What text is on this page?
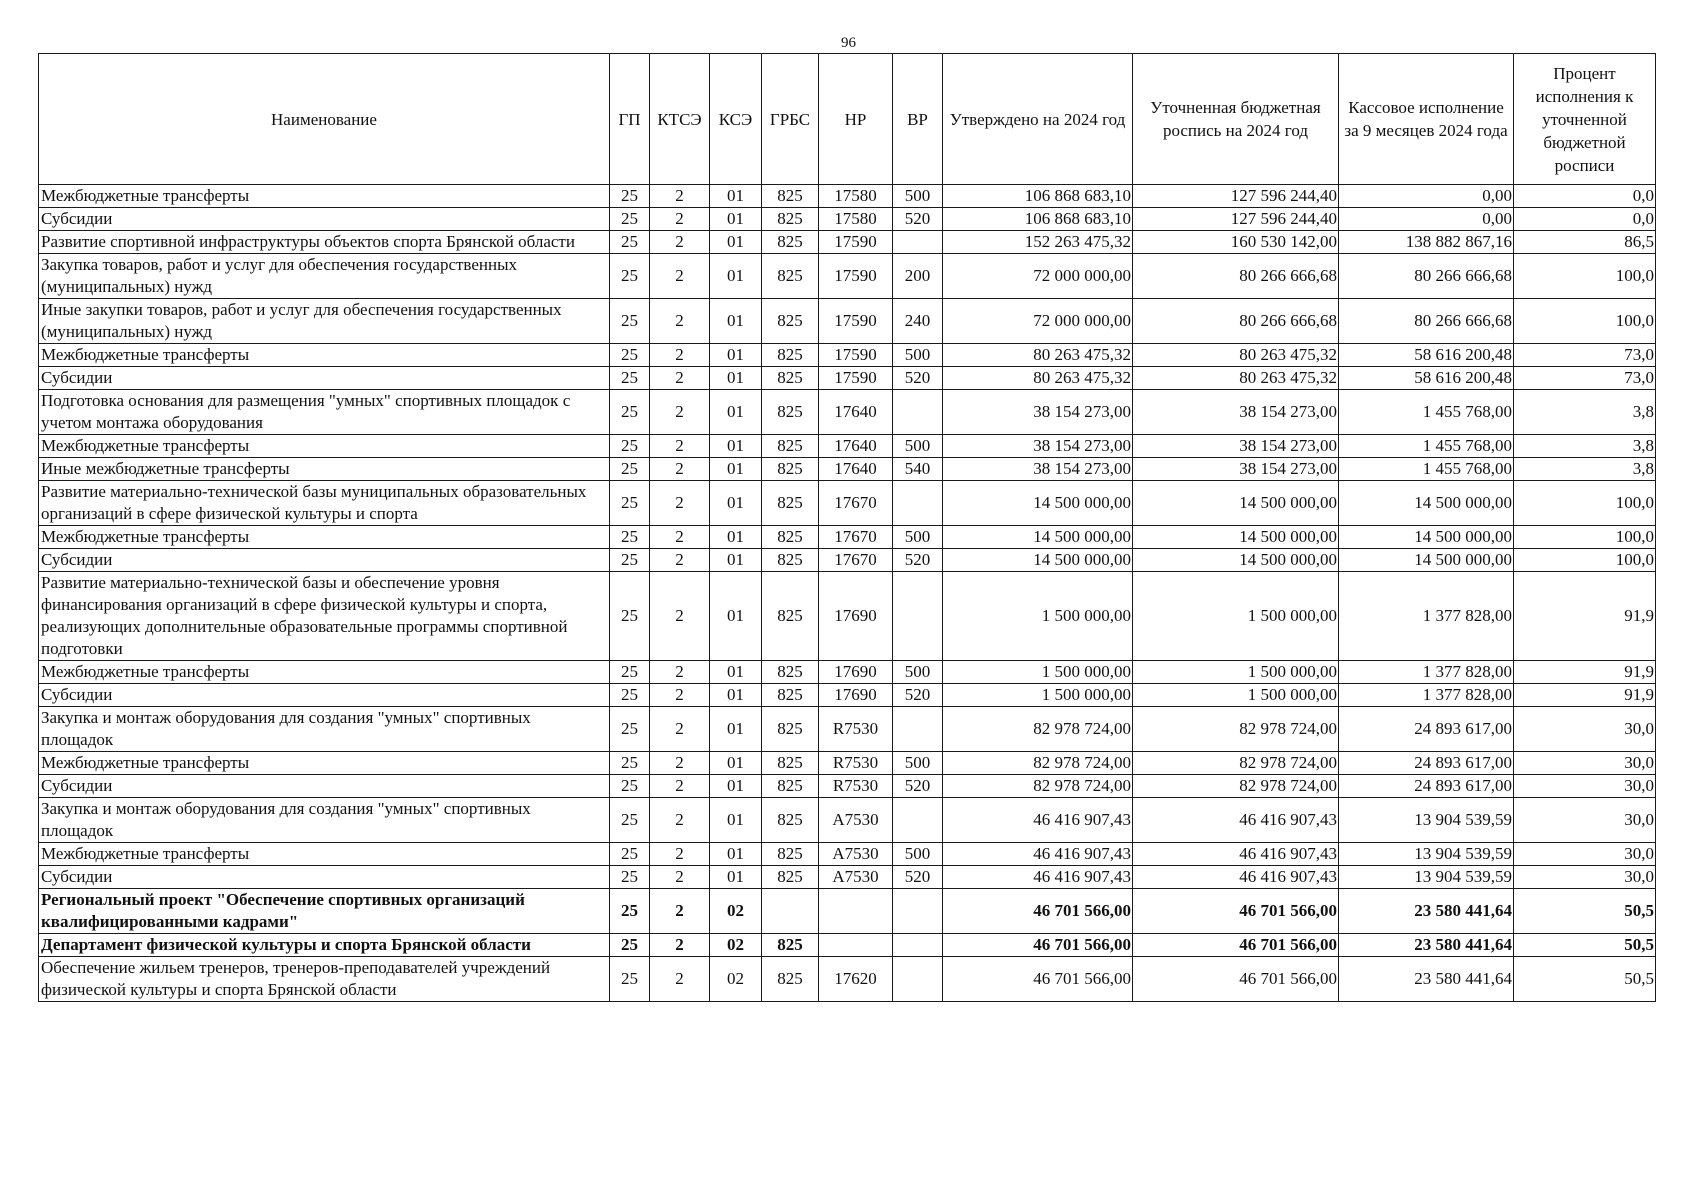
96
Наименование	ГП	КТСЭ	КСЭ	ГРБС	НР	ВР	Утверждено на 2024 год	Уточненная бюджетная роспись на 2024 год	Кассовое исполнение за 9 месяцев 2024 года	Процент исполнения к уточненной бюджетной росписи
Межбюджетные трансферты	25	2	01	825	17580	500	106 868 683,10	127 596 244,40	0,00	0,0
Субсидии	25	2	01	825	17580	520	106 868 683,10	127 596 244,40	0,00	0,0
Развитие спортивной инфраструктуры объектов спорта Брянской области	25	2	01	825	17590		152 263 475,32	160 530 142,00	138 882 867,16	86,5
Закупка товаров, работ и услуг для обеспечения государственных (муниципальных) нужд	25	2	01	825	17590	200	72 000 000,00	80 266 666,68	80 266 666,68	100,0
Иные закупки товаров, работ и услуг для обеспечения государственных (муниципальных) нужд	25	2	01	825	17590	240	72 000 000,00	80 266 666,68	80 266 666,68	100,0
Межбюджетные трансферты	25	2	01	825	17590	500	80 263 475,32	80 263 475,32	58 616 200,48	73,0
Субсидии	25	2	01	825	17590	520	80 263 475,32	80 263 475,32	58 616 200,48	73,0
Подготовка основания для размещения "умных" спортивных площадок с учетом монтажа оборудования	25	2	01	825	17640		38 154 273,00	38 154 273,00	1 455 768,00	3,8
Межбюджетные трансферты	25	2	01	825	17640	500	38 154 273,00	38 154 273,00	1 455 768,00	3,8
Иные межбюджетные трансферты	25	2	01	825	17640	540	38 154 273,00	38 154 273,00	1 455 768,00	3,8
Развитие материально-технической базы муниципальных образовательных организаций в сфере физической культуры и спорта	25	2	01	825	17670		14 500 000,00	14 500 000,00	14 500 000,00	100,0
Межбюджетные трансферты	25	2	01	825	17670	500	14 500 000,00	14 500 000,00	14 500 000,00	100,0
Субсидии	25	2	01	825	17670	520	14 500 000,00	14 500 000,00	14 500 000,00	100,0
Развитие материально-технической базы и обеспечение уровня финансирования организаций в сфере физической культуры и спорта, реализующих дополнительные образовательные программы спортивной подготовки	25	2	01	825	17690		1 500 000,00	1 500 000,00	1 377 828,00	91,9
Межбюджетные трансферты	25	2	01	825	17690	500	1 500 000,00	1 500 000,00	1 377 828,00	91,9
Субсидии	25	2	01	825	17690	520	1 500 000,00	1 500 000,00	1 377 828,00	91,9
Закупка и монтаж оборудования для создания "умных" спортивных площадок	25	2	01	825	R7530		82 978 724,00	82 978 724,00	24 893 617,00	30,0
Межбюджетные трансферты	25	2	01	825	R7530	500	82 978 724,00	82 978 724,00	24 893 617,00	30,0
Субсидии	25	2	01	825	R7530	520	82 978 724,00	82 978 724,00	24 893 617,00	30,0
Закупка и монтаж оборудования для создания "умных" спортивных площадок	25	2	01	825	A7530		46 416 907,43	46 416 907,43	13 904 539,59	30,0
Межбюджетные трансферты	25	2	01	825	A7530	500	46 416 907,43	46 416 907,43	13 904 539,59	30,0
Субсидии	25	2	01	825	A7530	520	46 416 907,43	46 416 907,43	13 904 539,59	30,0
Региональный проект "Обеспечение спортивных организаций квалифицированными кадрами"	25	2	02				46 701 566,00	46 701 566,00	23 580 441,64	50,5
Департамент физической культуры и спорта Брянской области	25	2	02	825			46 701 566,00	46 701 566,00	23 580 441,64	50,5
Обеспечение жильем тренеров, тренеров-преподавателей учреждений физической культуры и спорта Брянской области	25	2	02	825	17620		46 701 566,00	46 701 566,00	23 580 441,64	50,5
